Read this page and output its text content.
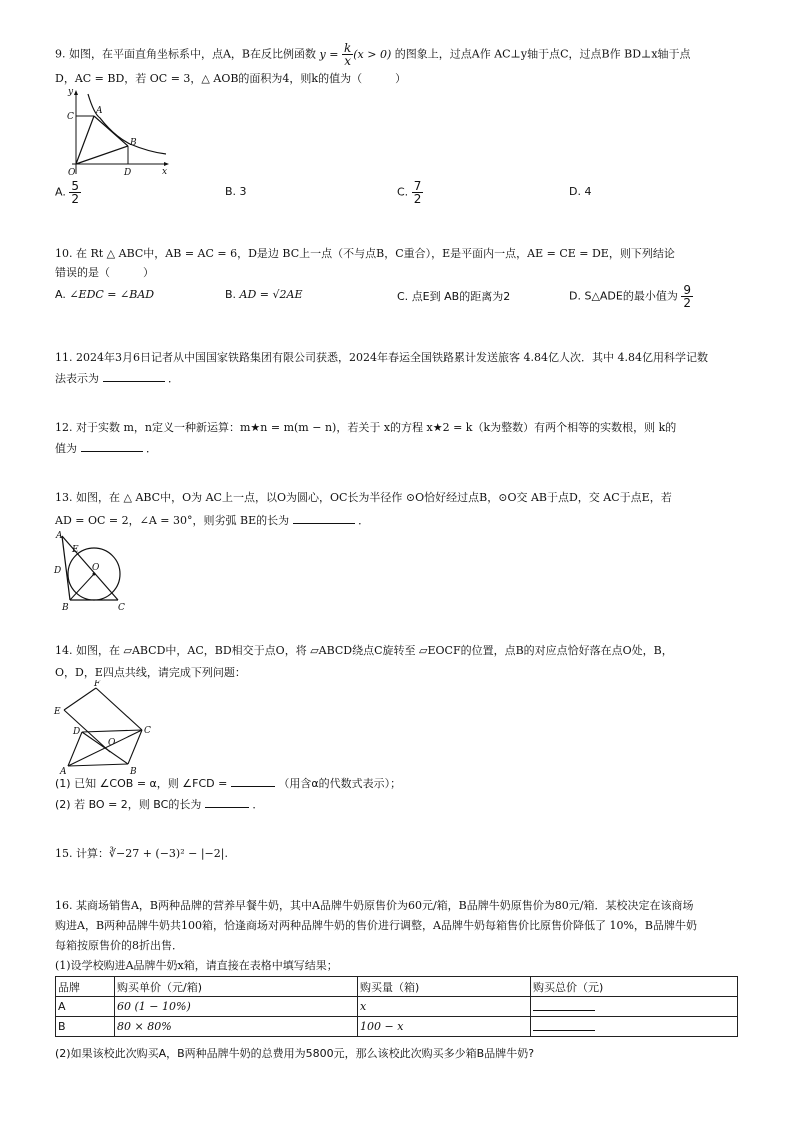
9. 如图，在平面直角坐标系中，点A，B在反比例函数 $y = \frac{k}{x} (x > 0)$ 的图象上，过点A作 AC⊥y轴于点C，过点B作 BD⊥x轴于点
D，AC = BD，若 OC = 3，△ AOB的面积为4，则k的值为（　　　）
y
x
O
A
B
C
D
A. $\frac{5}{2}$	B. 3	C. $\frac{7}{2}$	D. 4
10. 在 Rt △ ABC中，AB = AC = 6，D是边 BC上一点（不与点B，C重合），E是平面内一点，AE = CE = DE，则下列结论
错误的是（　　　）
A. ∠EDC = ∠BAD	B. AD = √2AE	C. 点E到 AB的距离为2	D. S△ADE的最小值为 $\frac{9}{2}$
11. 2024年3月6日记者从中国国家铁路集团有限公司获悉，2024年春运全国铁路累计发送旅客 4.84亿人次．其中 4.84亿用科学记数
法表示为	．
12. 对于实数 m，n定义一种新运算：m★n = m(m − n)，若关于 x的方程 x★2 = k（k为整数）有两个相等的实数根，则 k的
值为	．
13. 如图，在 △ ABC中，O为 AC上一点，以O为圆心，OC长为半径作 ⊙O恰好经过点B，⊙O交 AB于点D，交 AC于点E，若
AD = OC = 2，∠A = 30°，则劣弧 BE的长为	．
A
E
D	O
B	C
14. 如图，在 ▱ABCD中，AC，BD相交于点O，将 ▱ABCD绕点C旋转至 ▱EOCF的位置，点B的对应点恰好落在点O处，B，
O，D，E四点共线，请完成下列问题：
F
E
D	C
O
A	B
(1) 已知 ∠COB = α，则 ∠FCD =	（用含α的代数式表示）；
(2) 若 BO = 2，则 BC的长为	．
15. 计算：∛−27 + (−3)² − |−2|.
16. 某商场销售A，B两种品牌的营养早餐牛奶，其中A品牌牛奶原售价为60元/箱，B品牌牛奶原售价为80元/箱．某校决定在该商场
购进A，B两种品牌牛奶共100箱，恰逢商场对两种品牌牛奶的售价进行调整，A品牌牛奶每箱售价比原售价降低了 10%，B品牌牛奶
每箱按原售价的8折出售．
(1)设学校购进A品牌牛奶x箱，请直接在表格中填写结果；
品牌	购买单价（元/箱)	购买量（箱)	购买总价（元)
A	60 (1 − 10%)	x	
B	80 × 80%	100 − x	
(2)如果该校此次购买A，B两种品牌牛奶的总费用为5800元，那么该校此次购买多少箱B品牌牛奶?
